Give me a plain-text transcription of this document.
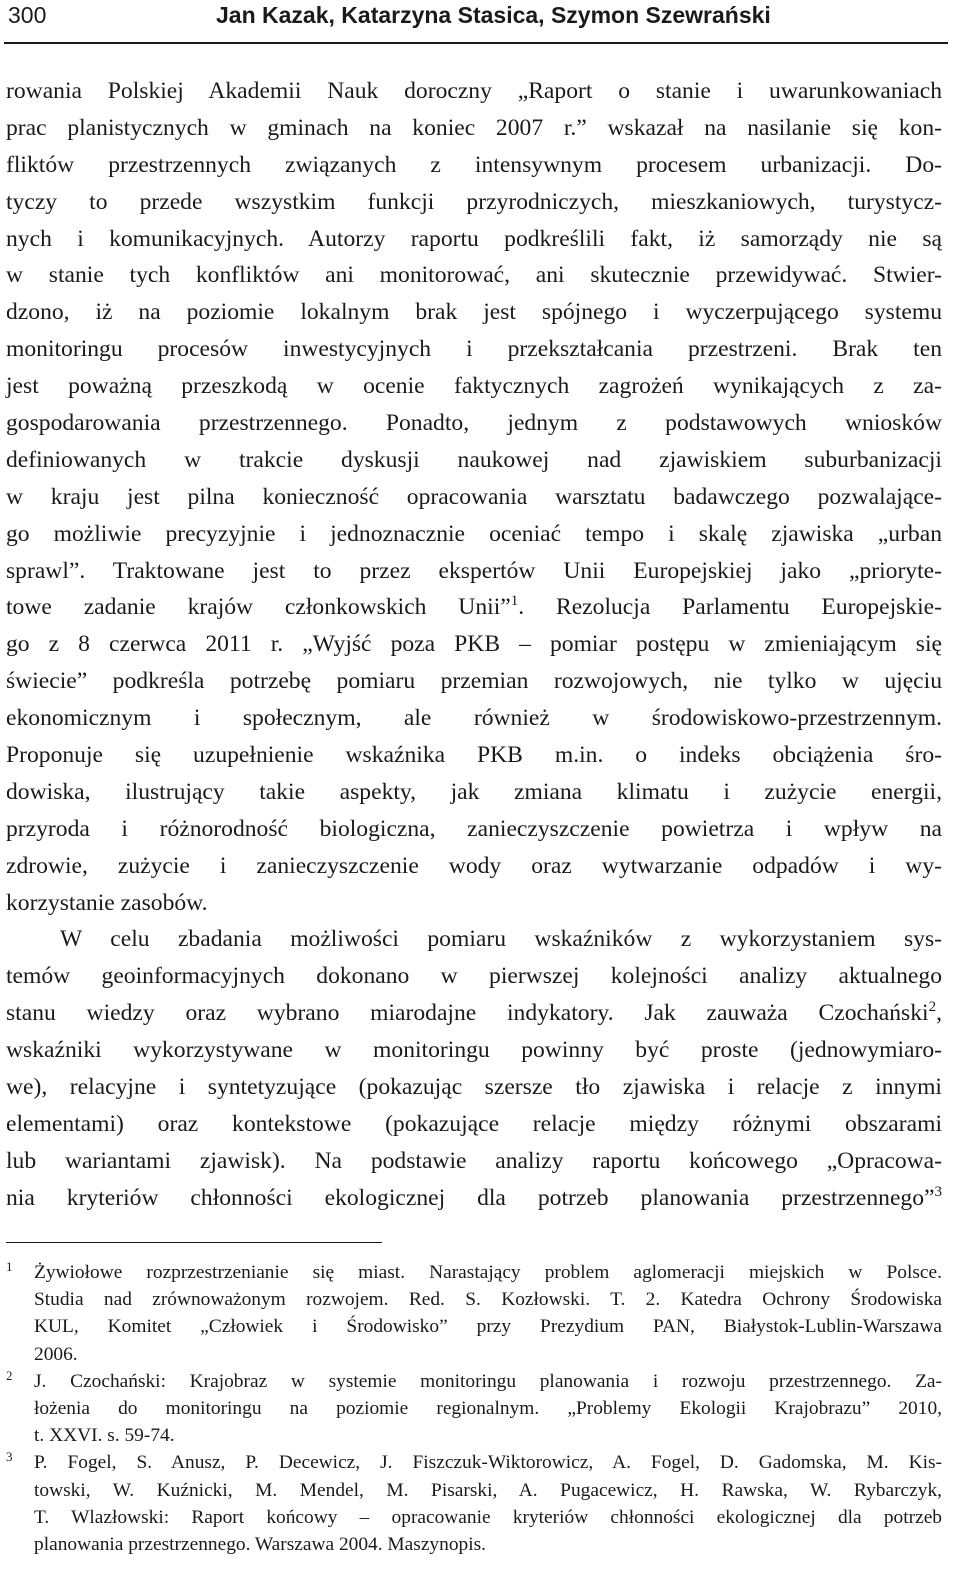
300	Jan Kazak, Katarzyna Stasica, Szymon Szewrański

rowania Polskiej Akademii Nauk doroczny „Raport o stanie i uwarunkowaniach
prac planistycznych w gminach na koniec 2007 r.” wskazał na nasilanie się kon-
fliktów przestrzennych związanych z intensywnym procesem urbanizacji. Do-
tyczy to przede wszystkim funkcji przyrodniczych, mieszkaniowych, turystycz-
nych i komunikacyjnych. Autorzy raportu podkreślili fakt, iż samorządy nie są
w stanie tych konfliktów ani monitorować, ani skutecznie przewidywać. Stwier-
dzono, iż na poziomie lokalnym brak jest spójnego i wyczerpującego systemu
monitoringu procesów inwestycyjnych i przekształcania przestrzeni. Brak ten
jest poważną przeszkodą w ocenie faktycznych zagrożeń wynikających z za-
gospodarowania przestrzennego. Ponadto, jednym z podstawowych wniosków
definiowanych w trakcie dyskusji naukowej nad zjawiskiem suburbanizacji
w kraju jest pilna konieczność opracowania warsztatu badawczego pozwalające-
go możliwie precyzyjnie i jednoznacznie oceniać tempo i skalę zjawiska „urban
sprawl”. Traktowane jest to przez ekspertów Unii Europejskiej jako „prioryte-
towe zadanie krajów członkowskich Unii”$^1$. Rezolucja Parlamentu Europejskie-
go z 8 czerwca 2011 r. „Wyjść poza PKB – pomiar postępu w zmieniającym się
świecie” podkreśla potrzebę pomiaru przemian rozwojowych, nie tylko w ujęciu
ekonomicznym i społecznym, ale również w środowiskowo-przestrzennym.
Proponuje się uzupełnienie wskaźnika PKB m.in. o indeks obciążenia śro-
dowiska, ilustrujący takie aspekty, jak zmiana klimatu i zużycie energii,
przyroda i różnorodność biologiczna, zanieczyszczenie powietrza i wpływ na
zdrowie, zużycie i zanieczyszczenie wody oraz wytwarzanie odpadów i wy-
korzystanie zasobów.

W celu zbadania możliwości pomiaru wskaźników z wykorzystaniem sys-
temów geoinformacyjnych dokonano w pierwszej kolejności analizy aktualnego
stanu wiedzy oraz wybrano miarodajne indykatory. Jak zauważa Czochański$^2$,
wskaźniki wykorzystywane w monitoringu powinny być proste (jednowymiaro-
we), relacyjne i syntetyzujące (pokazując szersze tło zjawiska i relacje z innymi
elementami) oraz kontekstowe (pokazujące relacje między różnymi obszarami
lub wariantami zjawisk). Na podstawie analizy raportu końcowego „Opracowa-
nia kryteriów chłonności ekologicznej dla potrzeb planowania przestrzennego”$^3$

1 Żywiołowe rozprzestrzenianie się miast. Narastający problem aglomeracji miejskich w Polsce.
Studia nad zrównoważonym rozwojem. Red. S. Kozłowski. T. 2. Katedra Ochrony Środowiska
KUL, Komitet „Człowiek i Środowisko” przy Prezydium PAN, Białystok-Lublin-Warszawa
2006.
2 J. Czochański: Krajobraz w systemie monitoringu planowania i rozwoju przestrzennego. Za-
łożenia do monitoringu na poziomie regionalnym. „Problemy Ekologii Krajobrazu” 2010,
t. XXVI. s. 59-74.
3 P. Fogel, S. Anusz, P. Decewicz, J. Fiszczuk-Wiktorowicz, A. Fogel, D. Gadomska, M. Kis-
towski, W. Kuźnicki, M. Mendel, M. Pisarski, A. Pugacewicz, H. Rawska, W. Rybarczyk,
T. Wlazłowski: Raport końcowy – opracowanie kryteriów chłonności ekologicznej dla potrzeb
planowania przestrzennego. Warszawa 2004. Maszynopis.
